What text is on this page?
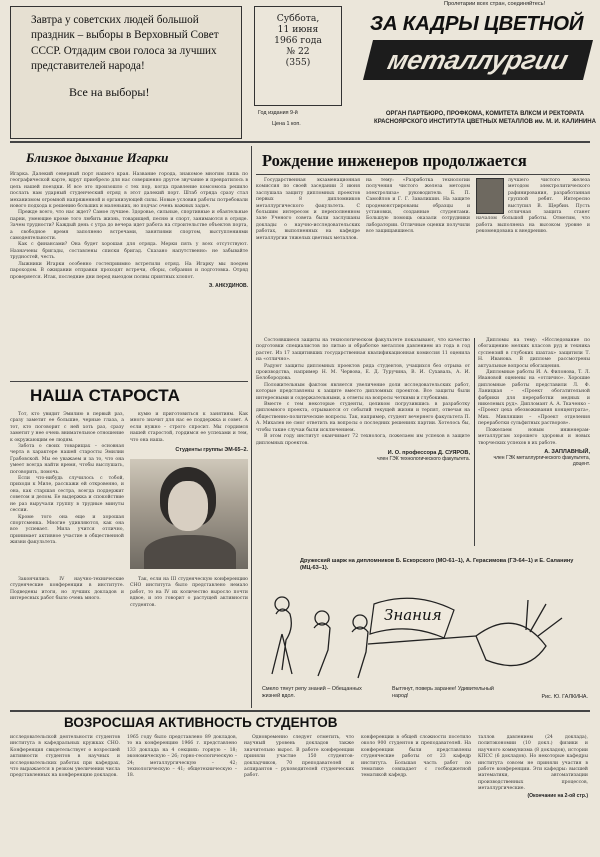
Завтра у советских людей большой праздник – выборы в Верховный Совет СССР. Отдадим свои голоса за лучших представителей народа!

Все на выборы!

Суббота,
11 июня
1966 года
№ 22
(355)
Год издания 9-й
Цена 1 коп.
Пролетарии всех стран, соединяйтесь!
ЗА КАДРЫ ЦВЕТНОЙ
металлургии
ОРГАН ПАРТБЮРО, ПРОФКОМА, КОМИТЕТА ВЛКСМ И РЕКТОРАТА КРАСНОЯРСКОГО ИНСТИТУТА ЦВЕТНЫХ МЕТАЛЛОВ им. М. И. КАЛИНИНА
Близкое дыхание Игарки

Игарка. Далекий северный порт нашего края. Название города, знакомое многим лишь по географической карте, вдруг приобрело для нас совершенно другое звучание и превратилось в цель нашей поездки. И все это произошло с тех пор, когда правление комсомола решило послать нам ударный студенческий отряд в этот далекий порт. Штаб отряда сразу стал механизмом огромной напряженной и организующей силы. Новые условия работы потребовали нового подхода к решению больших и маленьких, но подчас очень важных задач.

Прежде всего, что нас ждет? Самое лучшее. Здоровье, сильные, спортивные и обаятельные парни, умеющие кроме того любить жизнь, товарищей, песню и спорт, занимаются в отряде. Зачем трудности? Каждый день с утра до вечера идет работа на строительстве объектов порта, а свободное время заполнено встречами, занятиями спортом, выступлениями самодеятельности.

Как с финансами? Она будет хорошая для отряда. Мерки пять у всех отсутствуют. Назначены бригады, составлены списки бригад. Сказано напутственно: не забывайте трудностей, честь.

Лыжники Игарки особенно гостеприимно встретили отряд. На Игарку мы поедем пароходом. В ожидании отправки проходят встречи, сборы, собрания и подготовка. Отряд проверяется. Итак, последние дни перед выездом полны приятных хлопот.

Э. АНКУДИНОВ.
НАША СТАРОСТА

Тот, кто увидит Эмилию в первый раз, сразу заметит ее большие, черные глаза, а тот, кто поговорит с ней хоть раз, сразу заметит у нее очень внимательное отношение к окружающим ее людям.

Забота о своих товарищах – основная черта в характере нашей старосты Эмилии Грабовской. Мы ее уважаем и за то, что она умеет всегда найти время, чтобы выслушать, поговорить, помочь.

Если что-нибудь случилось с тобой, приходи к Миле, расскажи ей откровенно, и она, как старшая сестра, всегда поддержит советом и делом. Ее выдержка и спокойствие не раз выручали группу в трудные минуты сессии.

Кроме того она еще и хорошая спортсменка. Многие удивляются, как она все успевает. Мила учится отлично, принимает активное участие в общественной жизни факультета.

кумю и приготовиться к занятиям. Как много значит для нас ее поддержка и совет. А если нужно – строго спросит. Мы гордимся нашей старостой, гордимся ее успехами и тем, что она наша.

Студенты группы ЭМ-65–2.

Закончились IV научно-технические студенческие конференции в институте. Подведены итоги, но лучших докладов и интересных работ было очень много.

Так, если на III студенческую конференцию СНО института было представлено немало работ, то на IV их количество выросло почти вдвое, и это говорит о растущей активности студентов.

Рождение инженеров продолжается

Государственная экзаменационная комиссия по своей заседании 3 июня заслушала защиту дипломных проектов первых 8 дипломников металлургического факультета. С большим интересом и переполненном зале Ученого совета были заслушаны доклады о научно-исследовательских работах, выполненных на кафедре металлургии тяжелых цветных металлов.

на тему: «Разработка технологии получения чистого железа методом электролиза» руководитель Б. П. Самойлов и Г. Г. Завалишин. На защите продемонстрированы образцы и установки, созданные студентами. Большую помощь оказали сотрудники лаборатории. Отличные оценки получили все защищавшиеся.

лучшего чистого железа методом электролитического рафинирования, разработанная группой ребят. Интересно выступил В. Щербин. Пусть отличная защита станет началом большой работы. Отметим, что работа выполнена на высоком уровне и рекомендована к внедрению.

Состоявшиеся защиты на технологическом факультете показывают, что качество подготовки специалистов по литью и обработке металлов давлением из года в год растет. Из 17 защитивших государственная квалификационная комиссия 11 оценила на «отлично».

Радуют защиты дипломных проектов ряда студентов, учащихся без отрыва от производства, например Н. М. Червова, Е. Д. Туручина, В. И. Сухаваль, А. И. Белобородова.

Положительным фактом является увеличение доли исследовательских работ, которые представлены к защите вместо дипломных проектов. Все защиты были интересными и содержательными, а ответы на вопросы четкими и глубокими.

Вместе с тем некоторые студенты, целиком погрузившись в разработку дипломного проекта, отрываются от событий текущей жизни и терпят, отвечая на общественно-политические вопросы. Так, например, студент вечернего факультета П. А. Михалев не смог ответить на вопросы о последних решениях партии. Хотелось бы, чтобы такие случаи были исключением.

В этом году институт оканчивает 72 технолога, пожелаем им успехов в защите дипломных проектов.

И. О. профессора Д. СУЯРОВ,
член ГЭК технологического факультета.

Дипломы на тему: «Исследование по обогащению мелких классов руд и техника суспензий в глубоких шахтах» защитили Т. Н. Иванова. В дипломе рассмотрены актуальные вопросы обогащения.

Дипломные работы И. А. Филонова, Т. Л. Ивановой оценены на «отлично». Хорошие дипломные работы представили Л. Ф. Ланицкая – «Проект обогатительной фабрики для переработки медных и никелевых руд». Дипломант А. А. Ткаченко – «Проект цеха обезвоживания концентрата», Мих. Микляшин – «Проект отделения переработки сульфитных растворов».

Пожелаем новым инженерам-металлургам хорошего здоровья и новых творческих успехов в их работе.

А. ЗАПЛАВНЫЙ,
член ГЭК металлургического факультета, доцент.
Дружеский шарж на дипломников Б. Ескорского (МО-61–1), А. Герасимова (ГЭ-64–1) и Е. Саланину (МЦ-63–1).
Знания
Смело тянут репу знаний – Обещанных жизней вдол.
Вытянут, поверь заранее! Удивительный народ!	Рис. Ю. ГАЛКИНА.
ВОЗРОСШАЯ АКТИВНОСТЬ СТУДЕНТОВ

исследовательской деятельности студентов института в кафедральных кружках СНО. Конференция свидетельствует о возросшей активности студентов в научных и исследовательских работах при кафедрах, что выражается в резком увеличении числа представленных на конференцию докладов.

1965 году было представлено 89 докладов, то на конференцию 1966 г. представлено 133 доклада на 4 секциях: горную – 18; экономическую – 26; горно-геологическую – 24; металлургическую – 42; технологическую – 41; общетехническую – 18.

Одновременно следует отметить, что научный уровень докладов также значительно вырос. В работе конференции приняли участие 150 студентов-докладчиков, 70 преподавателей и аспирантов – руководителей студенческих работ.

конференции в общей сложности посетило около 900 студентов и преподавателей. На конференции были представлены студенческие работы от 23 кафедр института. Большая часть работ по тематике совпадает с госбюджетной тематикой кафедр.

таллов давлением (24 доклада), политэкономии (10 докл.) физики и научного коммунизма (8 докладов), истории КПСС (6 докладов). Но некоторые кафедры института совсем не приняли участия в работе конференции. Эти кафедры: высшей математики, автоматизации производственных процессов, металлургические.

(Окончание на 2-ой стр.)
